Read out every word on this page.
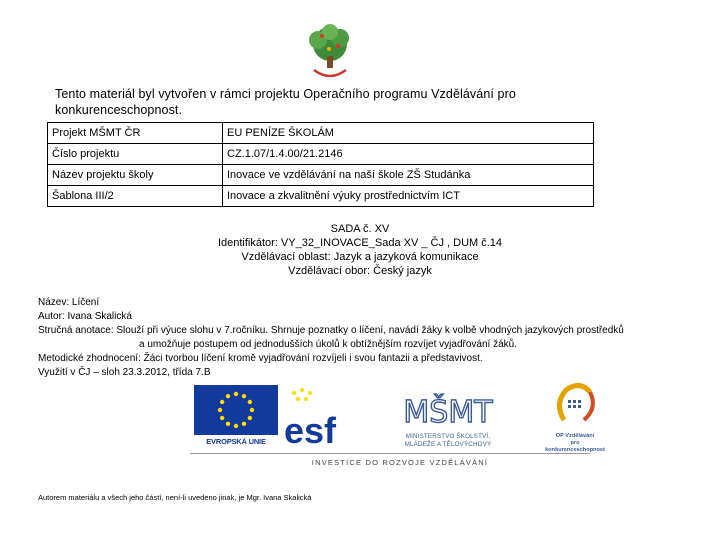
Tento materiál byl vytvořen v rámci projektu Operačního programu Vzdělávání pro konkurenceschopnost.
Projekt MŠMT ČR	EU PENÍZE ŠKOLÁM
Číslo projektu	CZ.1.07/1.4.00/21.2146
Název projektu školy	Inovace ve vzdělávání na naší škole ZŠ Studánka
Šablona III/2	Inovace a zkvalitnění výuky prostřednictvím ICT
SADA č. XV
Identifikátor: VY_32_INOVACE_Sada XV _ ČJ , DUM č.14
Vzdělávací oblast: Jazyk a jazyková komunikace
Vzdělávací obor: Český jazyk
Název: Líčení
Autor: Ivana Skalická
Stručná anotace: Slouží při výuce slohu v 7.ročníku. Shrnuje poznatky o líčení, navádí žáky k volbě vhodných jazykových prostředků
a umožňuje postupem od jednodušších úkolů k obtížnějším rozvíjet vyjadřování žáků.
Metodické zhodnocení: Žáci tvorbou líčení kromě vyjadřování rozvíjeli i svou fantazii a představivost.
Využití v ČJ – sloh 23.3.2012, třída 7.B
EVROPSKÁ UNIE esf MŠMT
MINISTERSTVO ŠKOLSTVÍ,
MLÁDEŽE A TĚLOVÝCHOVY
OP Vzdělávání
pro konkurenceschopnost
INVESTICE DO ROZVOJE VZDĚLÁVÁNÍ
Autorem materiálu a všech jeho částí, není-li uvedeno jinak, je Mgr. Ivana Skalická
